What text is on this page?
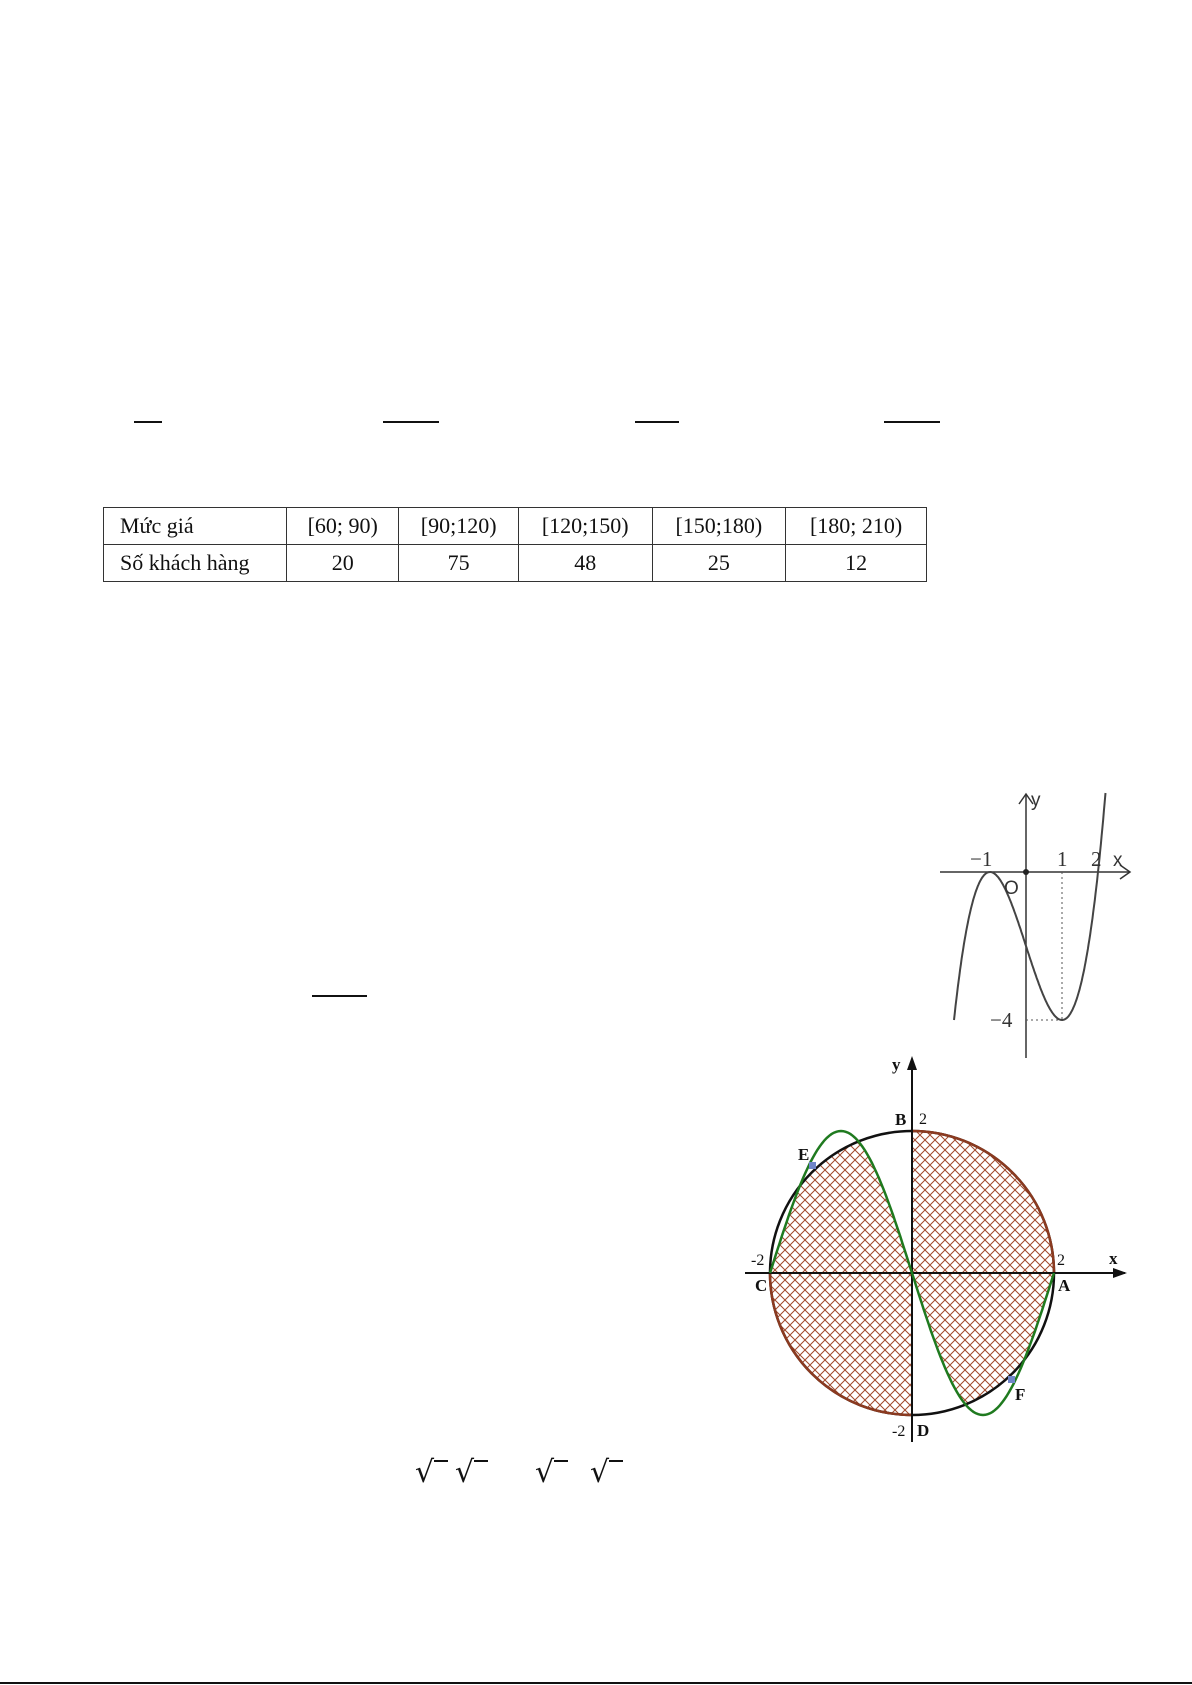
Mức giá	[60; 90)	[90;120)	[120;150)	[150;180)	[180; 210)
Số khách hàng	20	75	48	25	12
y
x
O
−1	1 2
−4
y
x
B
E
C	A
F
D
2
-2	2
-2
√ √	√	√
